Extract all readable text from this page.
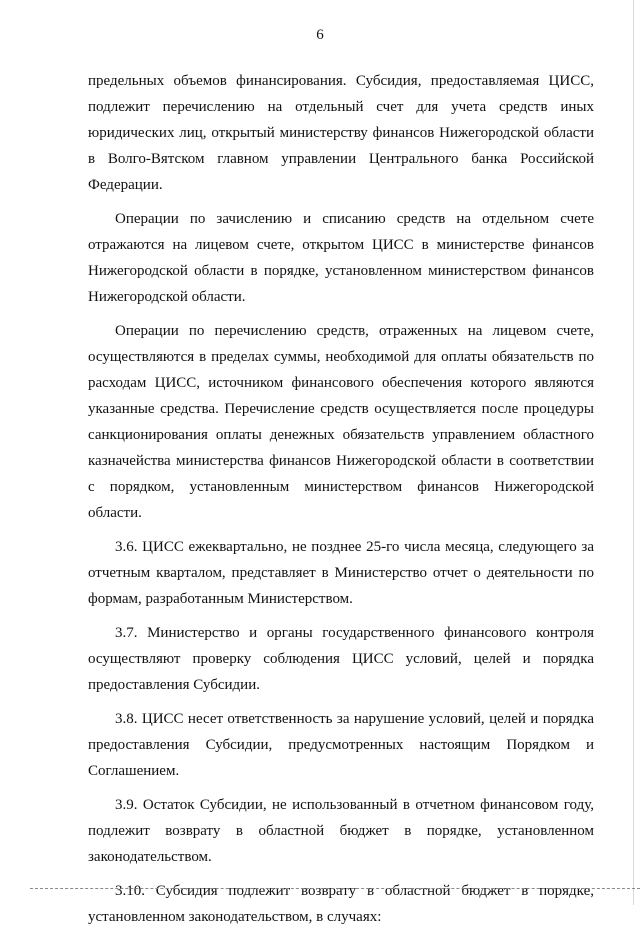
6

предельных объемов финансирования. Субсидия, предоставляемая ЦИСС, подлежит перечислению на отдельный счет для учета средств иных юридических лиц, открытый министерству финансов Нижегородской области в Волго-Вятском главном управлении Центрального банка Российской Федерации.

Операции по зачислению и списанию средств на отдельном счете отражаются на лицевом счете, открытом ЦИСС в министерстве финансов Нижегородской области в порядке, установленном министерством финансов Нижегородской области.

Операции по перечислению средств, отраженных на лицевом счете, осуществляются в пределах суммы, необходимой для оплаты обязательств по расходам ЦИСС, источником финансового обеспечения которого являются указанные средства. Перечисление средств осуществляется после процедуры санкционирования оплаты денежных обязательств управлением областного казначейства министерства финансов Нижегородской области в соответствии с порядком, установленным министерством финансов Нижегородской области.

3.6. ЦИСС ежеквартально, не позднее 25-го числа месяца, следующего за отчетным кварталом, представляет в Министерство отчет о деятельности по формам, разработанным Министерством.

3.7. Министерство и органы государственного финансового контроля осуществляют проверку соблюдения ЦИСС условий, целей и порядка предоставления Субсидии.

3.8. ЦИСС несет ответственность за нарушение условий, целей и порядка предоставления Субсидии, предусмотренных настоящим Порядком и Соглашением.

3.9. Остаток Субсидии, не использованный в отчетном финансовом году, подлежит возврату в областной бюджет в порядке, установленном законодательством.

3.10. Субсидия подлежит возврату в областной бюджет в порядке, установленном законодательством, в случаях:
